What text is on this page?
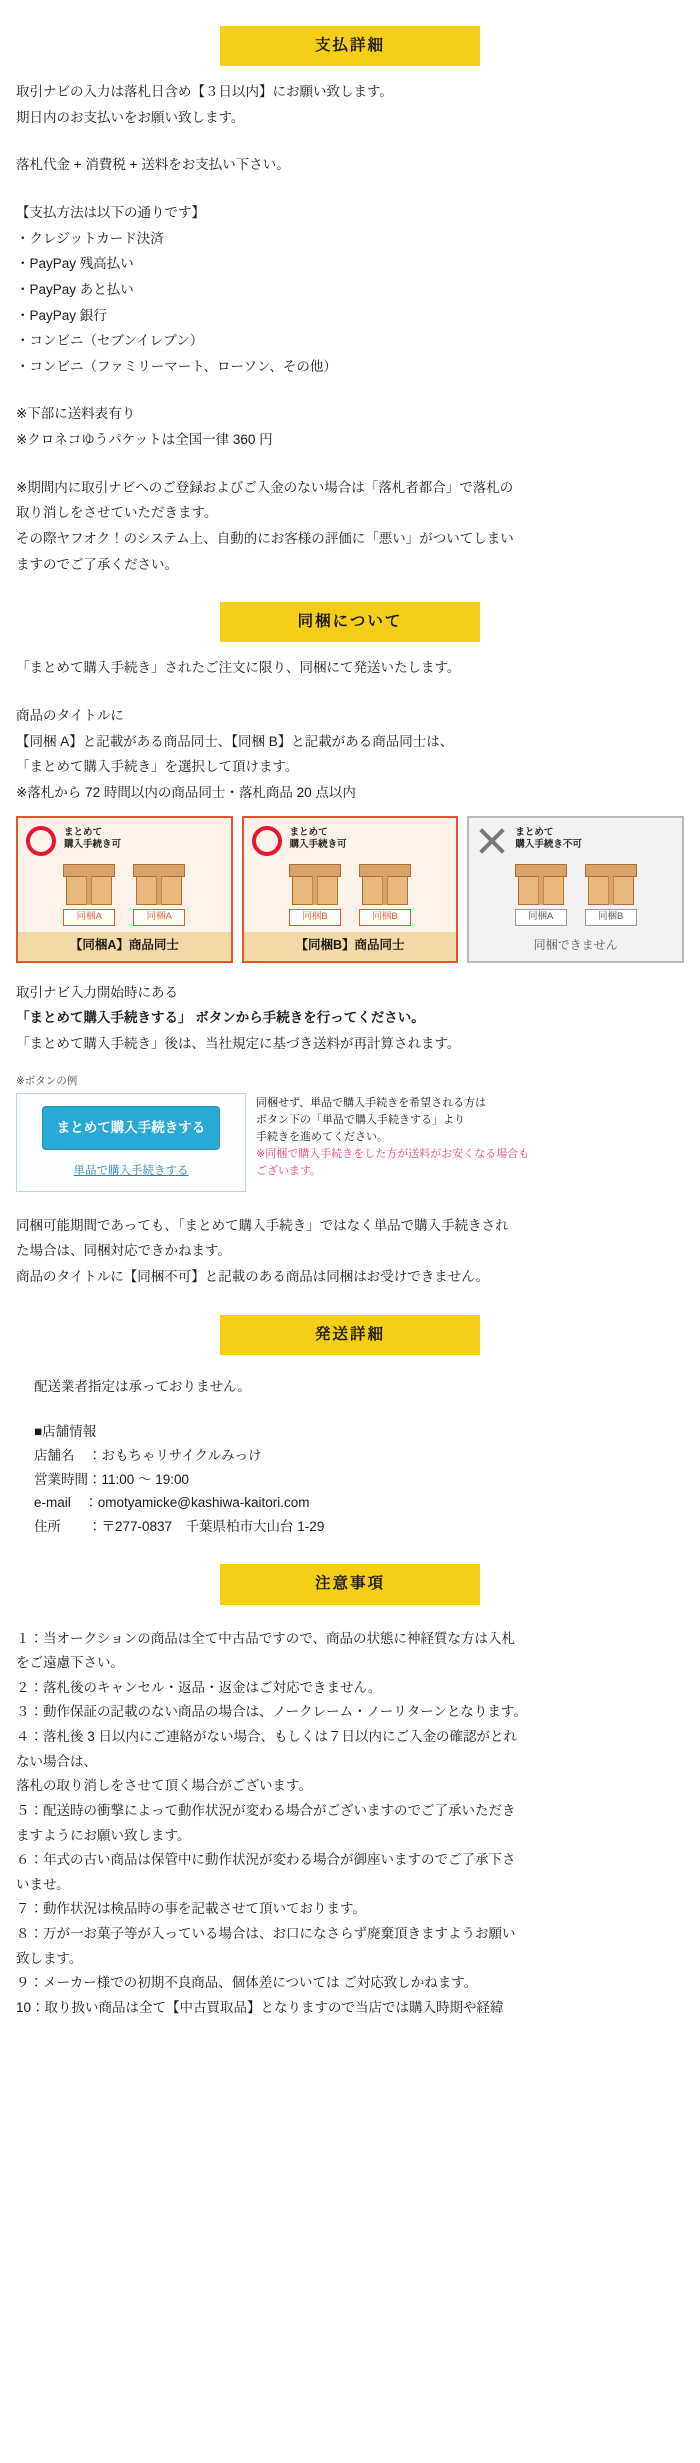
支払詳細

取引ナビの入力は落札日含め【３日以内】にお願い致します。

期日内のお支払いをお願い致します。

落札代金 + 消費税 + 送料をお支払い下さい。

【支払方法は以下の通りです】

・クレジットカード決済

・PayPay 残高払い

・PayPay あと払い

・PayPay 銀行

・コンビニ（セブンイレブン）

・コンビニ（ファミリーマート、ローソン、その他）

※下部に送料表有り

※クロネコゆうパケットは全国一律 360 円

※期間内に取引ナビへのご登録およびご入金のない場合は「落札者都合」で落札の

取り消しをさせていただきます。

その際ヤフオク！のシステム上、自動的にお客様の評価に「悪い」がついてしまい

ますのでご了承ください。

同梱について

「まとめて購入手続き」されたご注文に限り、同梱にて発送いたします。

商品のタイトルに

【同梱 A】と記載がある商品同士、【同梱 B】と記載がある商品同士は、

「まとめて購入手続き」を選択して頂けます。

※落札から 72 時間以内の商品同士・落札商品 20 点以内

まとめて
購入手続き可
同梱A	同梱A
【同梱A】商品同士
まとめて
購入手続き可
同梱B	同梱B
【同梱B】商品同士
まとめて
購入手続き不可
同梱A	同梱B
同梱できません

取引ナビ入力開始時にある

「まとめて購入手続きする」 ボタンから手続きを行ってください。

「まとめて購入手続き」後は、当社規定に基づき送料が再計算されます。

※ボタンの例
まとめて購入手続きする
単品で購入手続きする
同梱せず、単品で購入手続きを希望される方は
ボタン下の「単品で購入手続きする」より
手続きを進めてください。
※同梱で購入手続きをした方が送料がお安くなる場合も
ございます。

同梱可能期間であっても、「まとめて購入手続き」ではなく単品で購入手続きされ

た場合は、同梱対応できかねます。

商品のタイトルに【同梱不可】と記載のある商品は同梱はお受けできません。

発送詳細

配送業者指定は承っておりません。

■店舗情報

店舗名　：おもちゃリサイクルみっけ

営業時間：11:00 ～ 19:00

e-mail　：omotyamicke@kashiwa-kaitori.com

住所　　：〒277-0837　千葉県柏市大山台 1-29

注意事項

１：当オークションの商品は全て中古品ですので、商品の状態に神経質な方は入札

をご遠慮下さい。

２：落札後のキャンセル・返品・返金はご対応できません。

３：動作保証の記載のない商品の場合は、ノークレーム・ノーリターンとなります。

４：落札後 3 日以内にご連絡がない場合、もしくは７日以内にご入金の確認がとれ

ない場合は、

落札の取り消しをさせて頂く場合がございます。

５：配送時の衝撃によって動作状況が変わる場合がございますのでご了承いただき

ますようにお願い致します。

６：年式の古い商品は保管中に動作状況が変わる場合が御座いますのでご了承下さ

いませ。

７：動作状況は検品時の事を記載させて頂いております。

８：万が一お菓子等が入っている場合は、お口になさらず廃棄頂きますようお願い

致します。

９：メーカー様での初期不良商品、個体差については ご対応致しかねます。

10：取り扱い商品は全て【中古買取品】となりますので当店では購入時期や経緯
